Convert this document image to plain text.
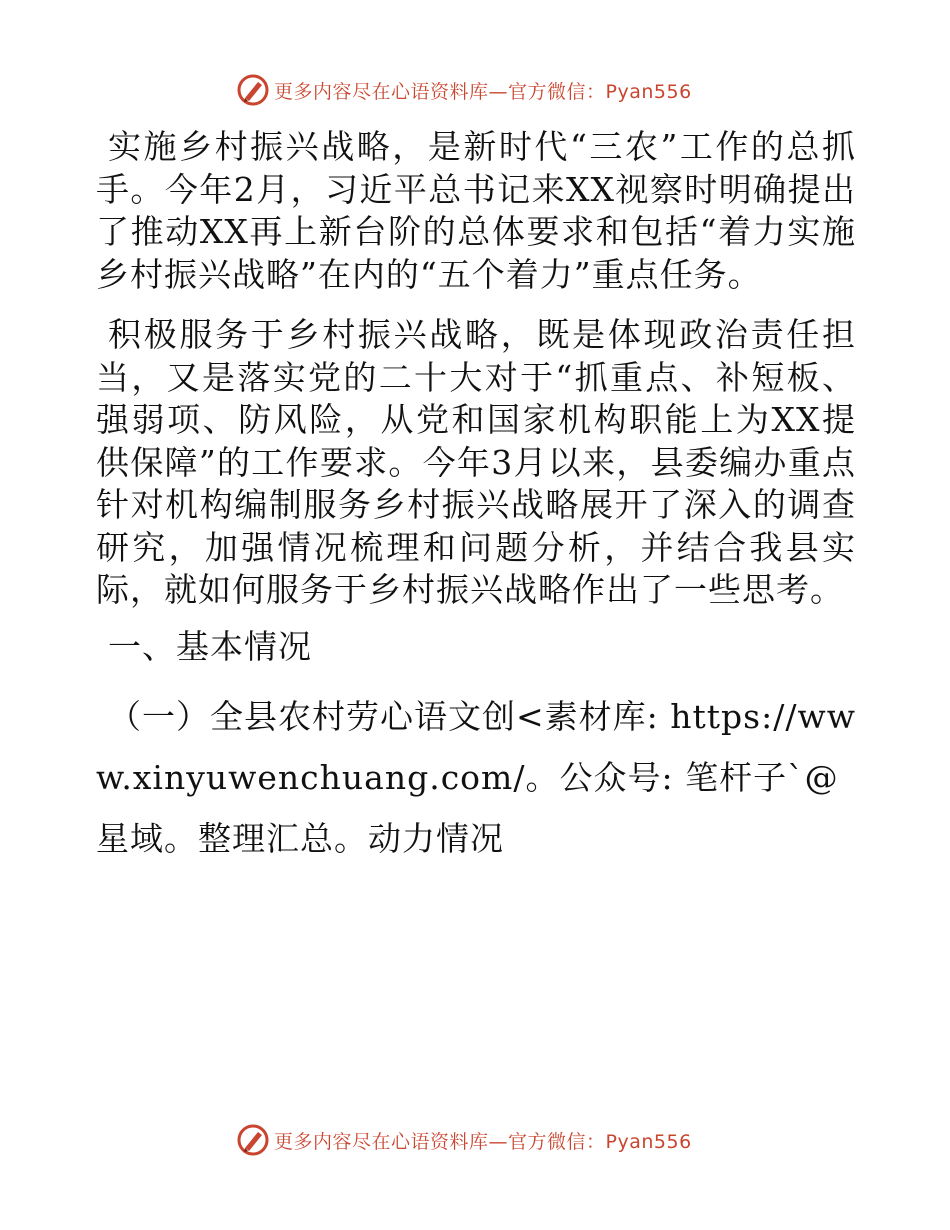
更多内容尽在心语资料库—官方微信：Pyan556

实施乡村振兴战略，是新时代“三农”工作的总抓手。今年2月，习近平总书记来XX视察时明确提出了推动XX再上新台阶的总体要求和包括“着力实施乡村振兴战略”在内的“五个着力”重点任务。

积极服务于乡村振兴战略，既是体现政治责任担当，又是落实党的二十大对于“抓重点、补短板、强弱项、防风险，从党和国家机构职能上为XX提供保障”的工作要求。今年3月以来，县委编办重点针对机构编制服务乡村振兴战略展开了深入的调查研究，加强情况梳理和问题分析，并结合我县实际，就如何服务于乡村振兴战略作出了一些思考。

一、基本情况

（一）全县农村劳心语文创<素材库: https://www.xinyuwenchuang.com/。公众号: 笔杆子`@星域。整理汇总。动力情况

更多内容尽在心语资料库—官方微信：Pyan556
